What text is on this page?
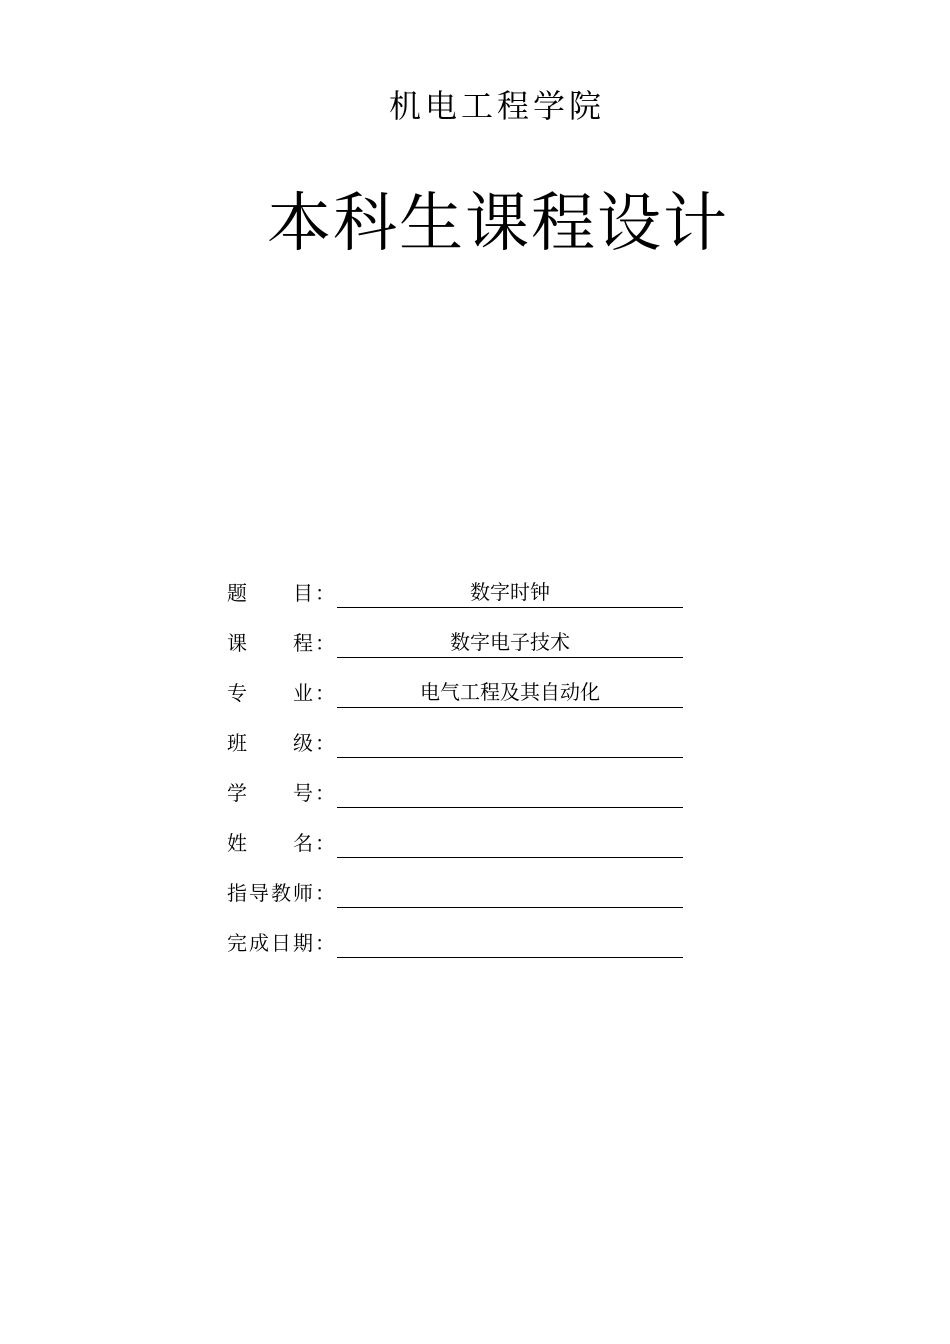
机电工程学院
本科生课程设计
题 目 ：	数字时钟
课 程 ：	数字电子技术
专 业 ：	电气工程及其自动化
班 级 ：
学 号 ：
姓 名 ：
指导教师：
完成日期：
